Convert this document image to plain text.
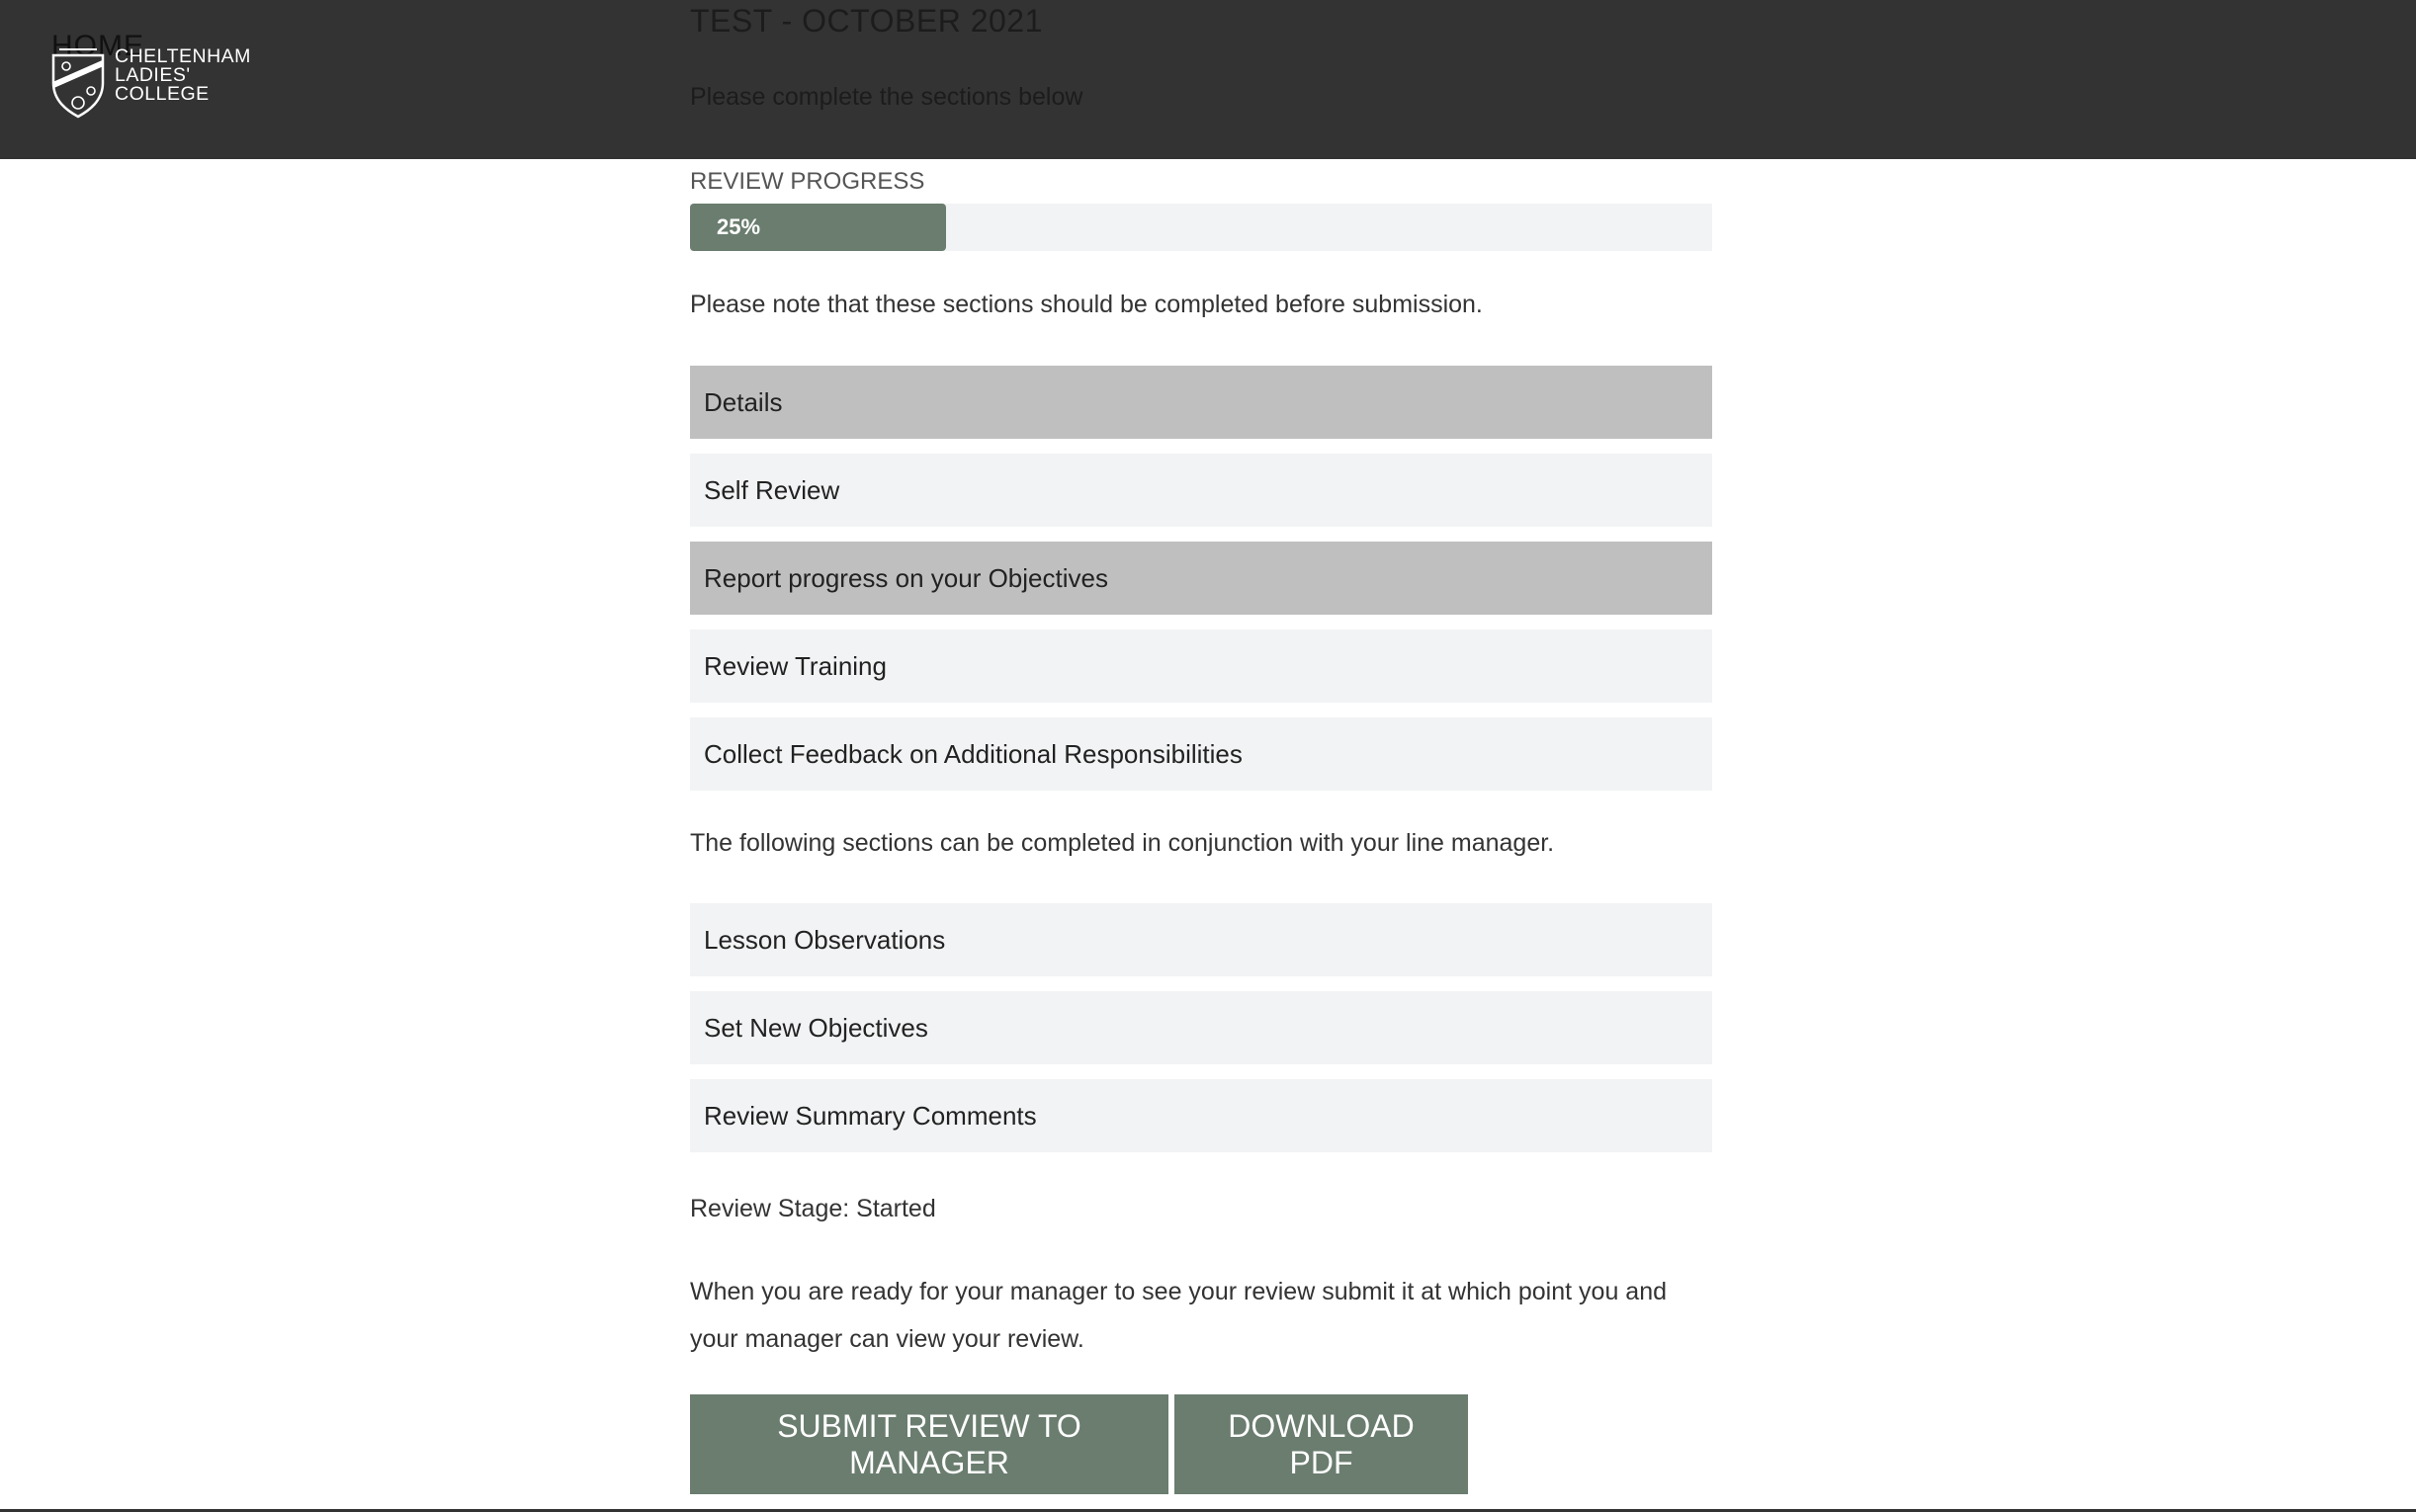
HOME
CHELTENHAM
LADIES'
COLLEGE
TEST - OCTOBER 2021
Please complete the sections below
REVIEW PROGRESS
25%
Please note that these sections should be completed before submission.
Details
Self Review
Report progress on your Objectives
Review Training
Collect Feedback on Additional Responsibilities
The following sections can be completed in conjunction with your line manager.
Lesson Observations
Set New Objectives
Review Summary Comments
Review Stage: Started
When you are ready for your manager to see your review submit it at which point you and your manager can view your review.
SUBMIT REVIEW TO MANAGER
DOWNLOAD PDF
